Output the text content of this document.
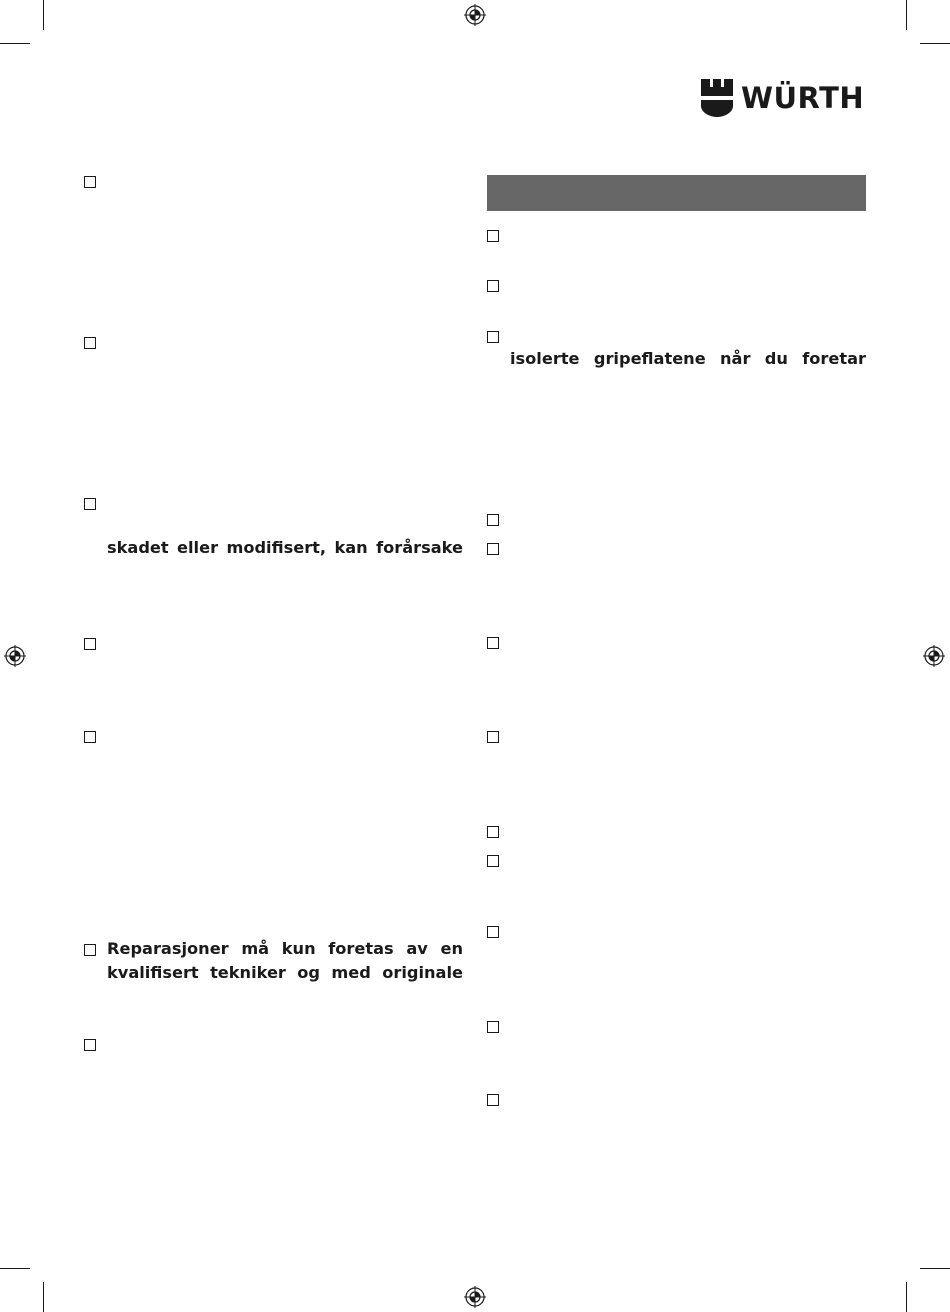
WÜRTH
skadet eller modifisert, kan forårsake
Reparasjoner må kun foretas av en
kvalifisert tekniker og med originale
isolerte gripeflatene når du foretar
